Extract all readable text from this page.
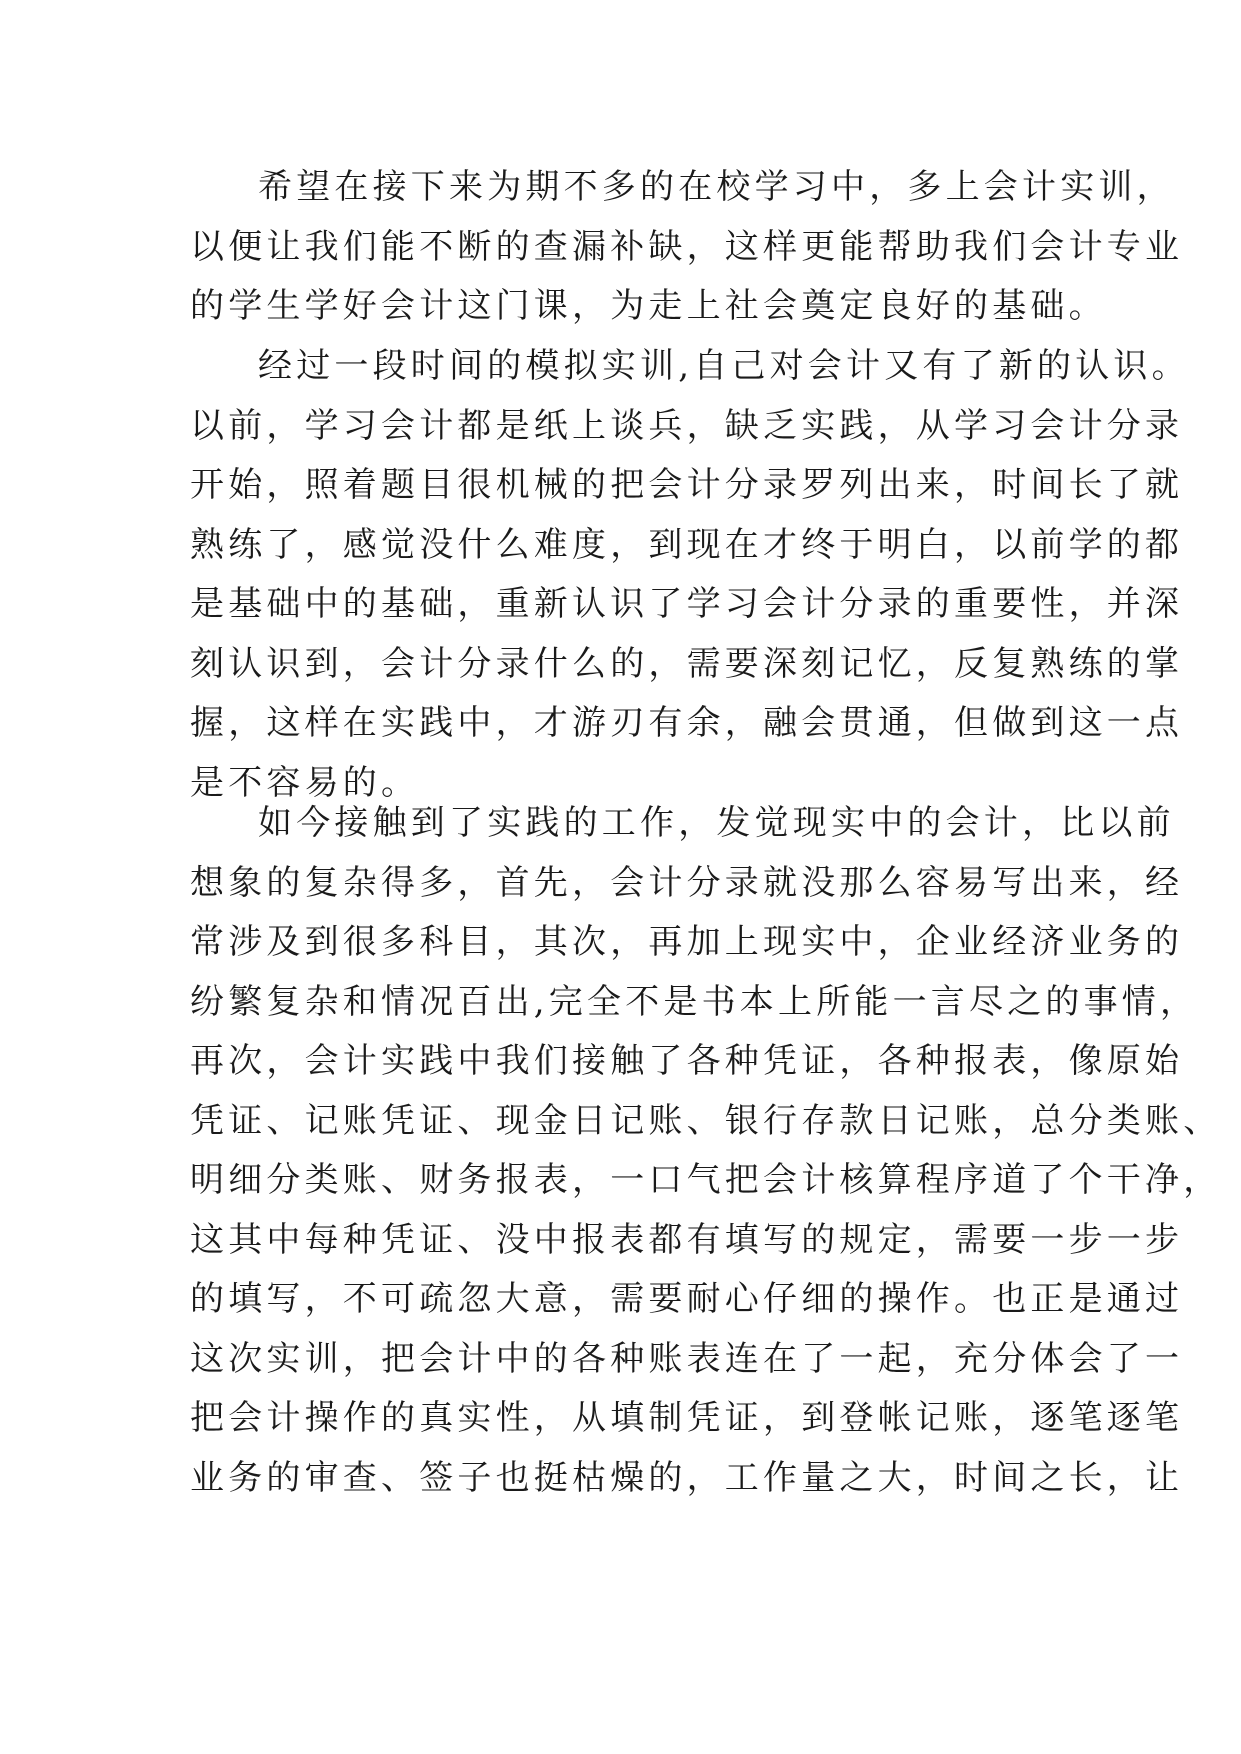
希望在接下来为期不多的在校学习中，多上会计实训，
以便让我们能不断的查漏补缺，这样更能帮助我们会计专业
的学生学好会计这门课，为走上社会奠定良好的基础。
经过一段时间的模拟实训,自己对会计又有了新的认识。
以前，学习会计都是纸上谈兵，缺乏实践，从学习会计分录
开始，照着题目很机械的把会计分录罗列出来，时间长了就
熟练了，感觉没什么难度，到现在才终于明白，以前学的都
是基础中的基础，重新认识了学习会计分录的重要性，并深
刻认识到，会计分录什么的，需要深刻记忆，反复熟练的掌
握，这样在实践中，才游刃有余，融会贯通，但做到这一点
是不容易的。
如今接触到了实践的工作，发觉现实中的会计，比以前
想象的复杂得多，首先，会计分录就没那么容易写出来，经
常涉及到很多科目，其次，再加上现实中，企业经济业务的
纷繁复杂和情况百出,完全不是书本上所能一言尽之的事情，
再次，会计实践中我们接触了各种凭证，各种报表，像原始
凭证、记账凭证、现金日记账、银行存款日记账，总分类账、
明细分类账、财务报表，一口气把会计核算程序道了个干净，
这其中每种凭证、没中报表都有填写的规定，需要一步一步
的填写，不可疏忽大意，需要耐心仔细的操作。也正是通过
这次实训，把会计中的各种账表连在了一起，充分体会了一
把会计操作的真实性，从填制凭证，到登帐记账，逐笔逐笔
业务的审查、签子也挺枯燥的，工作量之大，时间之长，让
